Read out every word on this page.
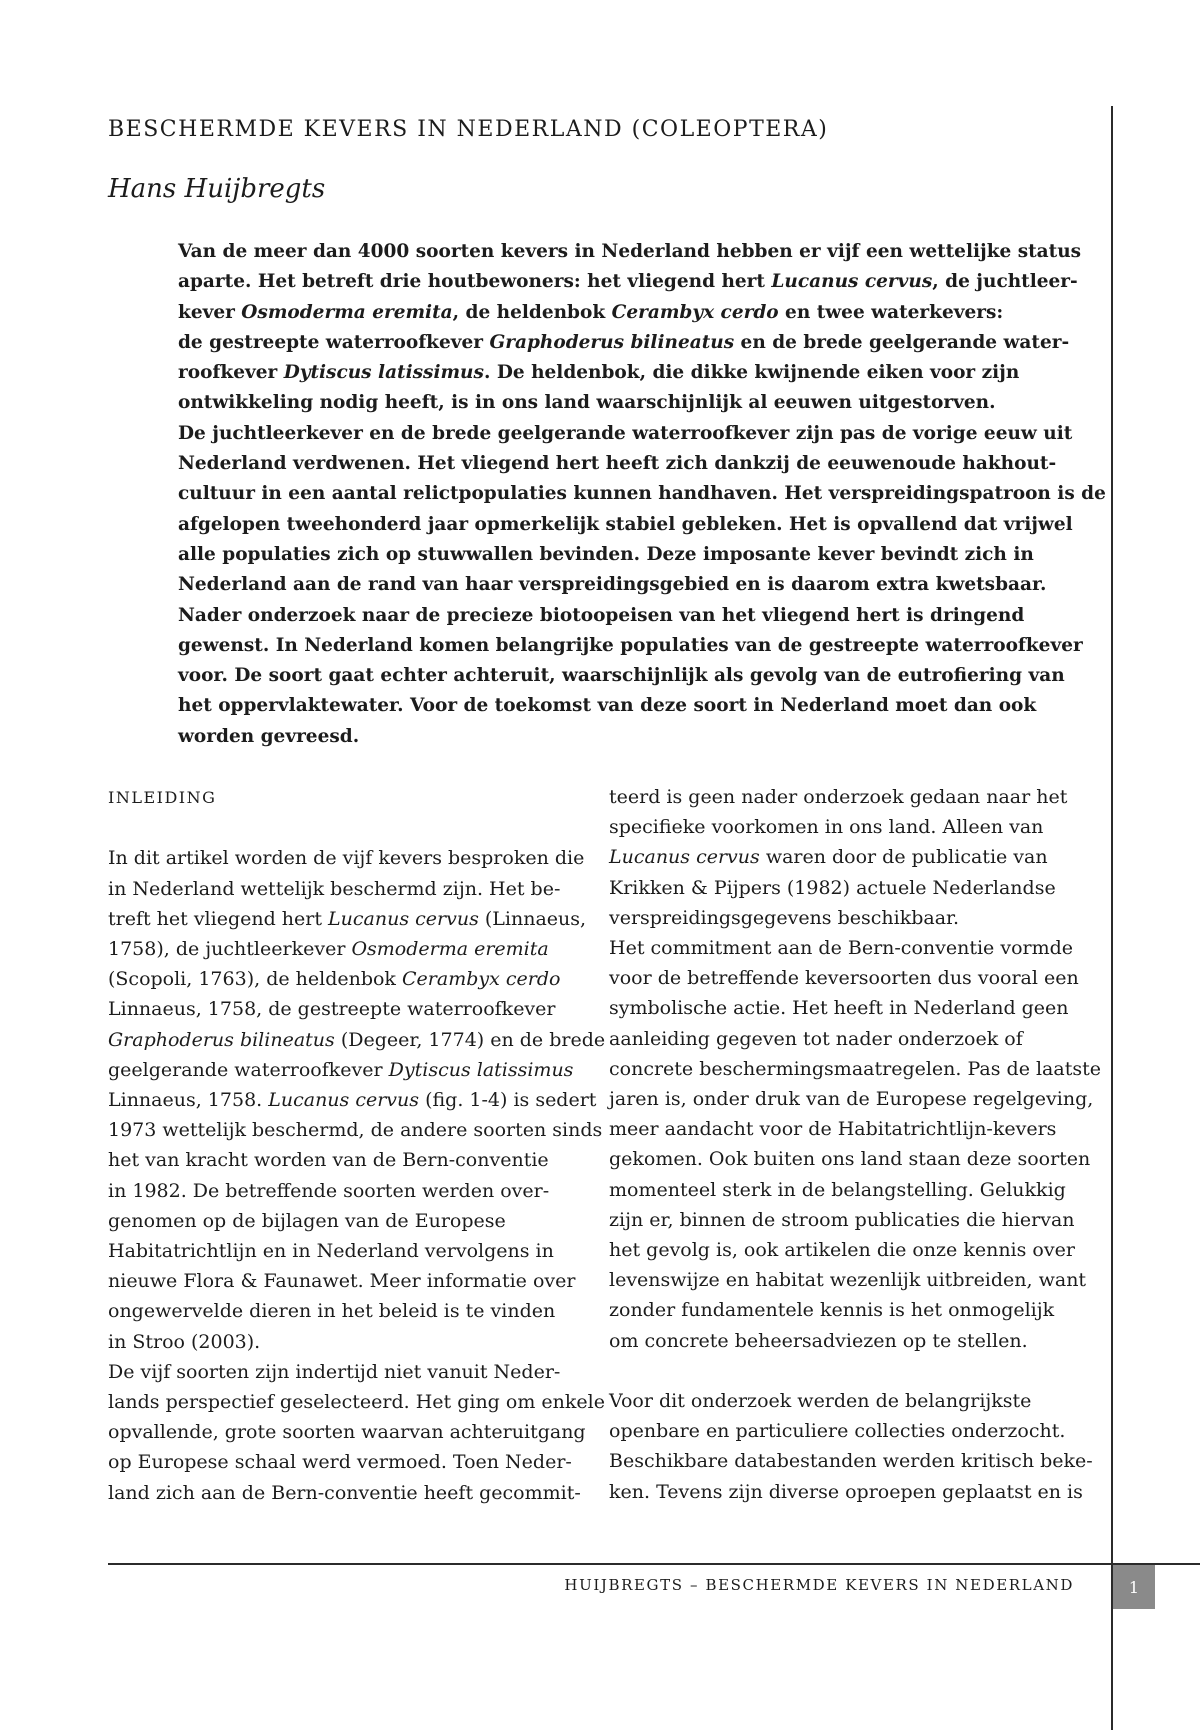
BESCHERMDE KEVERS IN NEDERLAND (COLEOPTERA)
Hans Huijbregts
Van de meer dan 4000 soorten kevers in Nederland hebben er vijf een wettelijke status
aparte. Het betreft drie houtbewoners: het vliegend hert Lucanus cervus, de juchtleer-
kever Osmoderma eremita, de heldenbok Cerambyx cerdo en twee waterkevers:
de gestreepte waterroofkever Graphoderus bilineatus en de brede geelgerande water-
roofkever Dytiscus latissimus. De heldenbok, die dikke kwijnende eiken voor zijn
ontwikkeling nodig heeft, is in ons land waarschijnlijk al eeuwen uitgestorven.
De juchtleerkever en de brede geelgerande waterroofkever zijn pas de vorige eeuw uit
Nederland verdwenen. Het vliegend hert heeft zich dankzij de eeuwenoude hakhout-
cultuur in een aantal relictpopulaties kunnen handhaven. Het verspreidingspatroon is de
afgelopen tweehonderd jaar opmerkelijk stabiel gebleken. Het is opvallend dat vrijwel
alle populaties zich op stuwwallen bevinden. Deze imposante kever bevindt zich in
Nederland aan de rand van haar verspreidingsgebied en is daarom extra kwetsbaar.
Nader onderzoek naar de precieze biotoopeisen van het vliegend hert is dringend
gewenst. In Nederland komen belangrijke populaties van de gestreepte waterroofkever
voor. De soort gaat echter achteruit, waarschijnlijk als gevolg van de eutrofiering van
het oppervlaktewater. Voor de toekomst van deze soort in Nederland moet dan ook
worden gevreesd.
INLEIDING

In dit artikel worden de vijf kevers besproken die
in Nederland wettelijk beschermd zijn. Het be-
treft het vliegend hert Lucanus cervus (Linnaeus,
1758), de juchtleerkever Osmoderma eremita
(Scopoli, 1763), de heldenbok Cerambyx cerdo
Linnaeus, 1758, de gestreepte waterroofkever
Graphoderus bilineatus (Degeer, 1774) en de brede
geelgerande waterroofkever Dytiscus latissimus
Linnaeus, 1758. Lucanus cervus (fig. 1-4) is sedert
1973 wettelijk beschermd, de andere soorten sinds
het van kracht worden van de Bern-conventie
in 1982. De betreffende soorten werden over-
genomen op de bijlagen van de Europese
Habitatrichtlijn en in Nederland vervolgens in
nieuwe Flora & Faunawet. Meer informatie over
ongewervelde dieren in het beleid is te vinden
in Stroo (2003).
De vijf soorten zijn indertijd niet vanuit Neder-
lands perspectief geselecteerd. Het ging om enkele
opvallende, grote soorten waarvan achteruitgang
op Europese schaal werd vermoed. Toen Neder-
land zich aan de Bern-conventie heeft gecommit-
teerd is geen nader onderzoek gedaan naar het
specifieke voorkomen in ons land. Alleen van
Lucanus cervus waren door de publicatie van
Krikken & Pijpers (1982) actuele Nederlandse
verspreidingsgegevens beschikbaar.
Het commitment aan de Bern-conventie vormde
voor de betreffende keversoorten dus vooral een
symbolische actie. Het heeft in Nederland geen
aanleiding gegeven tot nader onderzoek of
concrete beschermingsmaatregelen. Pas de laatste
jaren is, onder druk van de Europese regelgeving,
meer aandacht voor de Habitatrichtlijn-kevers
gekomen. Ook buiten ons land staan deze soorten
momenteel sterk in de belangstelling. Gelukkig
zijn er, binnen de stroom publicaties die hiervan
het gevolg is, ook artikelen die onze kennis over
levenswijze en habitat wezenlijk uitbreiden, want
zonder fundamentele kennis is het onmogelijk
om concrete beheersadviezen op te stellen.

Voor dit onderzoek werden de belangrijkste
openbare en particuliere collecties onderzocht.
Beschikbare databestanden werden kritisch beke-
ken. Tevens zijn diverse oproepen geplaatst en is
HUIJBREGTS – BESCHERMDE KEVERS IN NEDERLAND	1
